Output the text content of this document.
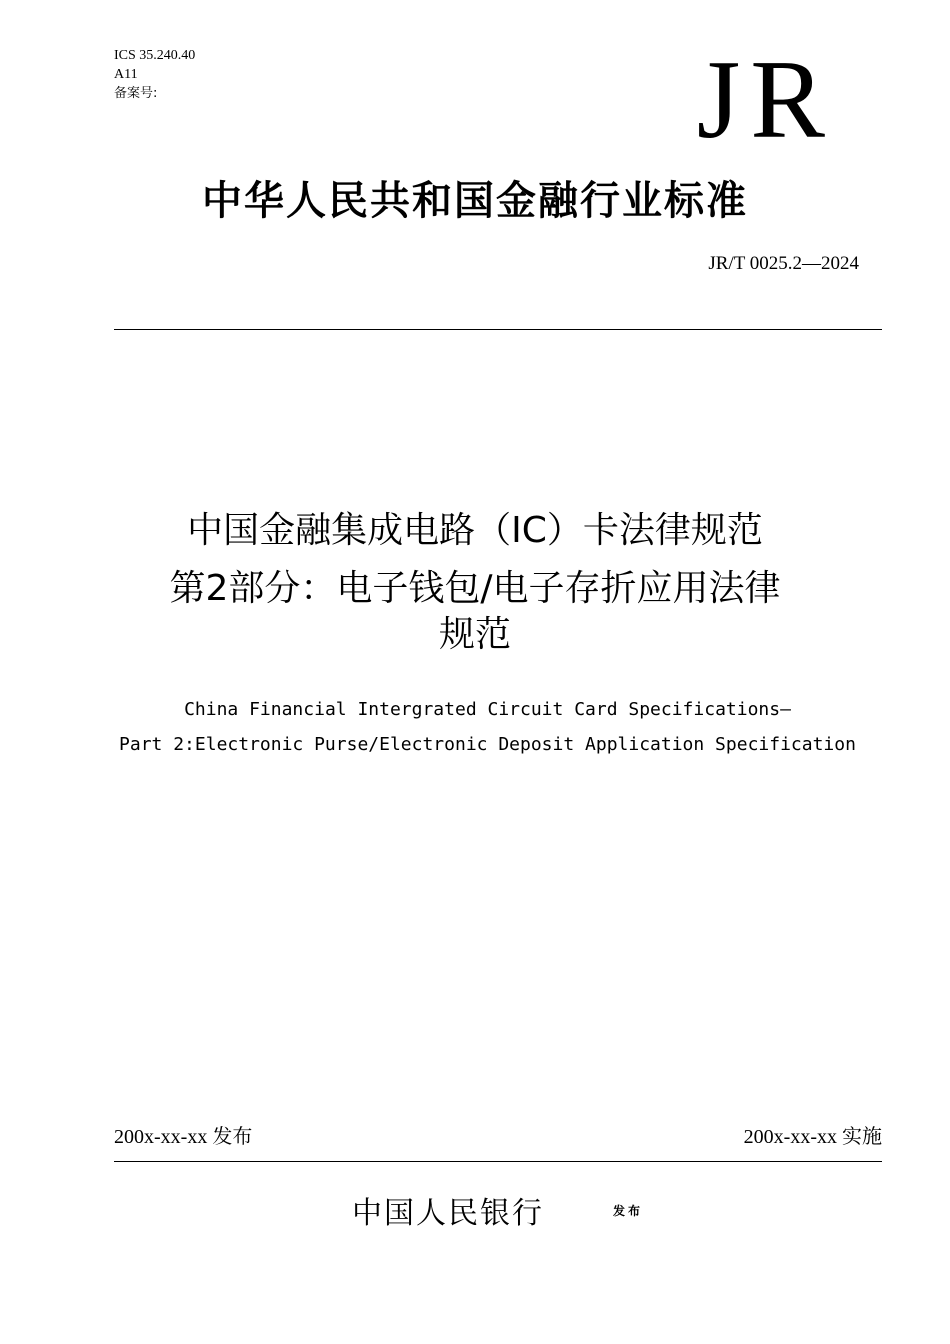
ICS 35.240.40
A11
备案号:	JR
中华人民共和国金融行业标准
JR/T 0025.2—2024
中国金融集成电路（IC）卡法律规范
第2部分：电子钱包/电子存折应用法律
规范
China Financial Intergrated Circuit Card Specifications—
Part 2:Electronic Purse/Electronic Deposit Application Specification
200x-xx-xx 发布	200x-xx-xx 实施
中国人民银行	发布
